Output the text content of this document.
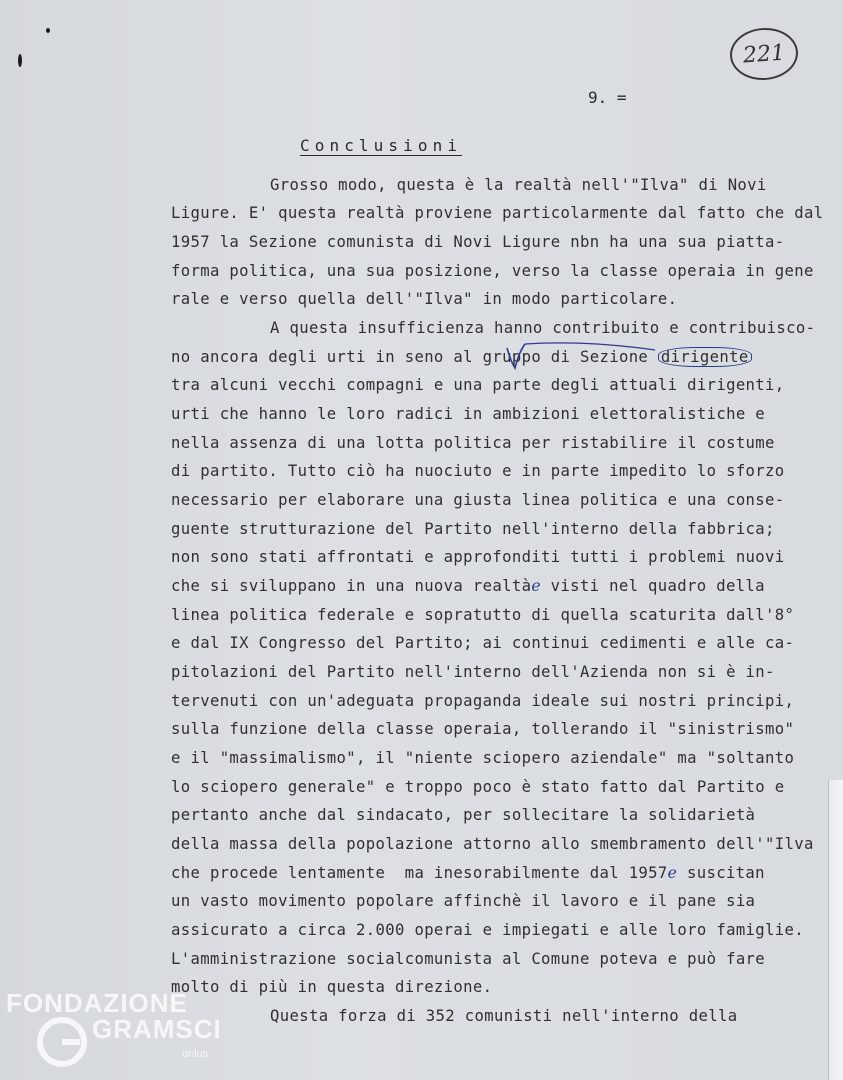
221
9. =
Conclusioni
Grosso modo, questa è la realtà nell'"Ilva" di Novi
Ligure. E' questa realtà proviene particolarmente dal fatto che dal
1957 la Sezione comunista di Novi Ligure nbn ha una sua piatta-
forma politica, una sua posizione, verso la classe operaia in gene
rale e verso quella dell'"Ilva" in modo particolare.
A questa insufficienza hanno contribuito e contribuisco-
no ancora degli urti in seno al gruppo di Sezione dirigente
tra alcuni vecchi compagni e una parte degli attuali dirigenti,
urti che hanno le loro radici in ambizioni elettoralistiche e
nella assenza di una lotta politica per ristabilire il costume
di partito. Tutto ciò ha nuociuto e in parte impedito lo sforzo
necessario per elaborare una giusta linea politica e una conse-
guente strutturazione del Partito nell'interno della fabbrica;
non sono stati affrontati e approfonditi tutti i problemi nuovi
che si sviluppano in una nuova realtàe visti nel quadro della
linea politica federale e sopratutto di quella scaturita dall'8°
e dal IX Congresso del Partito; ai continui cedimenti e alle ca-
pitolazioni del Partito nell'interno dell'Azienda non si è in-
tervenuti con un'adeguata propaganda ideale sui nostri principi,
sulla funzione della classe operaia, tollerando il "sinistrismo"
e il "massimalismo", il "niente sciopero aziendale" ma "soltanto
lo sciopero generale" e troppo poco è stato fatto dal Partito e
pertanto anche dal sindacato, per sollecitare la solidarietà
della massa della popolazione attorno allo smembramento dell'"Ilva
che procede lentamente  ma inesorabilmente dal 1957e suscitan
un vasto movimento popolare affinchè il lavoro e il pane sia
assicurato a circa 2.000 operai e impiegati e alle loro famiglie.
L'amministrazione socialcomunista al Comune poteva e può fare
molto di più in questa direzione.
Questa forza di 352 comunisti nell'interno della
FONDAZIONE
GRAMSCI
onlus
